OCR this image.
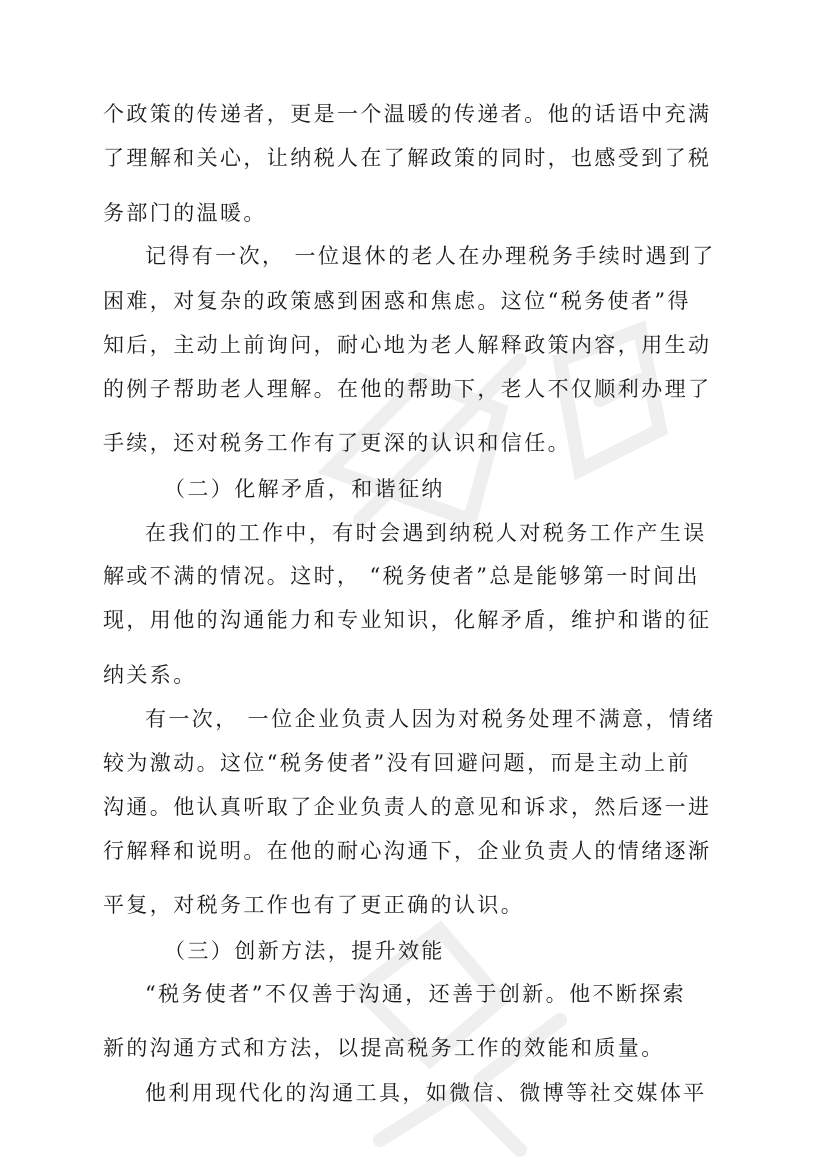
个政策的传递者，更是一个温暖的传递者。他的话语中充满
了理解和关心，让纳税人在了解政策的同时，也感受到了税
务部门的温暖。
记得有一次， 一位退休的老人在办理税务手续时遇到了
困难，对复杂的政策感到困惑和焦虑。这位“税务使者”得
知后，主动上前询问，耐心地为老人解释政策内容，用生动
的例子帮助老人理解。在他的帮助下，老人不仅顺利办理了
手续，还对税务工作有了更深的认识和信任。
（二）化解矛盾，和谐征纳
在我们的工作中，有时会遇到纳税人对税务工作产生误
解或不满的情况。这时， “税务使者”总是能够第一时间出
现，用他的沟通能力和专业知识，化解矛盾，维护和谐的征
纳关系。
有一次， 一位企业负责人因为对税务处理不满意，情绪
较为激动。这位“税务使者”没有回避问题，而是主动上前
沟通。他认真听取了企业负责人的意见和诉求，然后逐一进
行解释和说明。在他的耐心沟通下，企业负责人的情绪逐渐
平复，对税务工作也有了更正确的认识。
（三）创新方法，提升效能
“税务使者”不仅善于沟通，还善于创新。他不断探索
新的沟通方式和方法，以提高税务工作的效能和质量。
他利用现代化的沟通工具，如微信、微博等社交媒体平
